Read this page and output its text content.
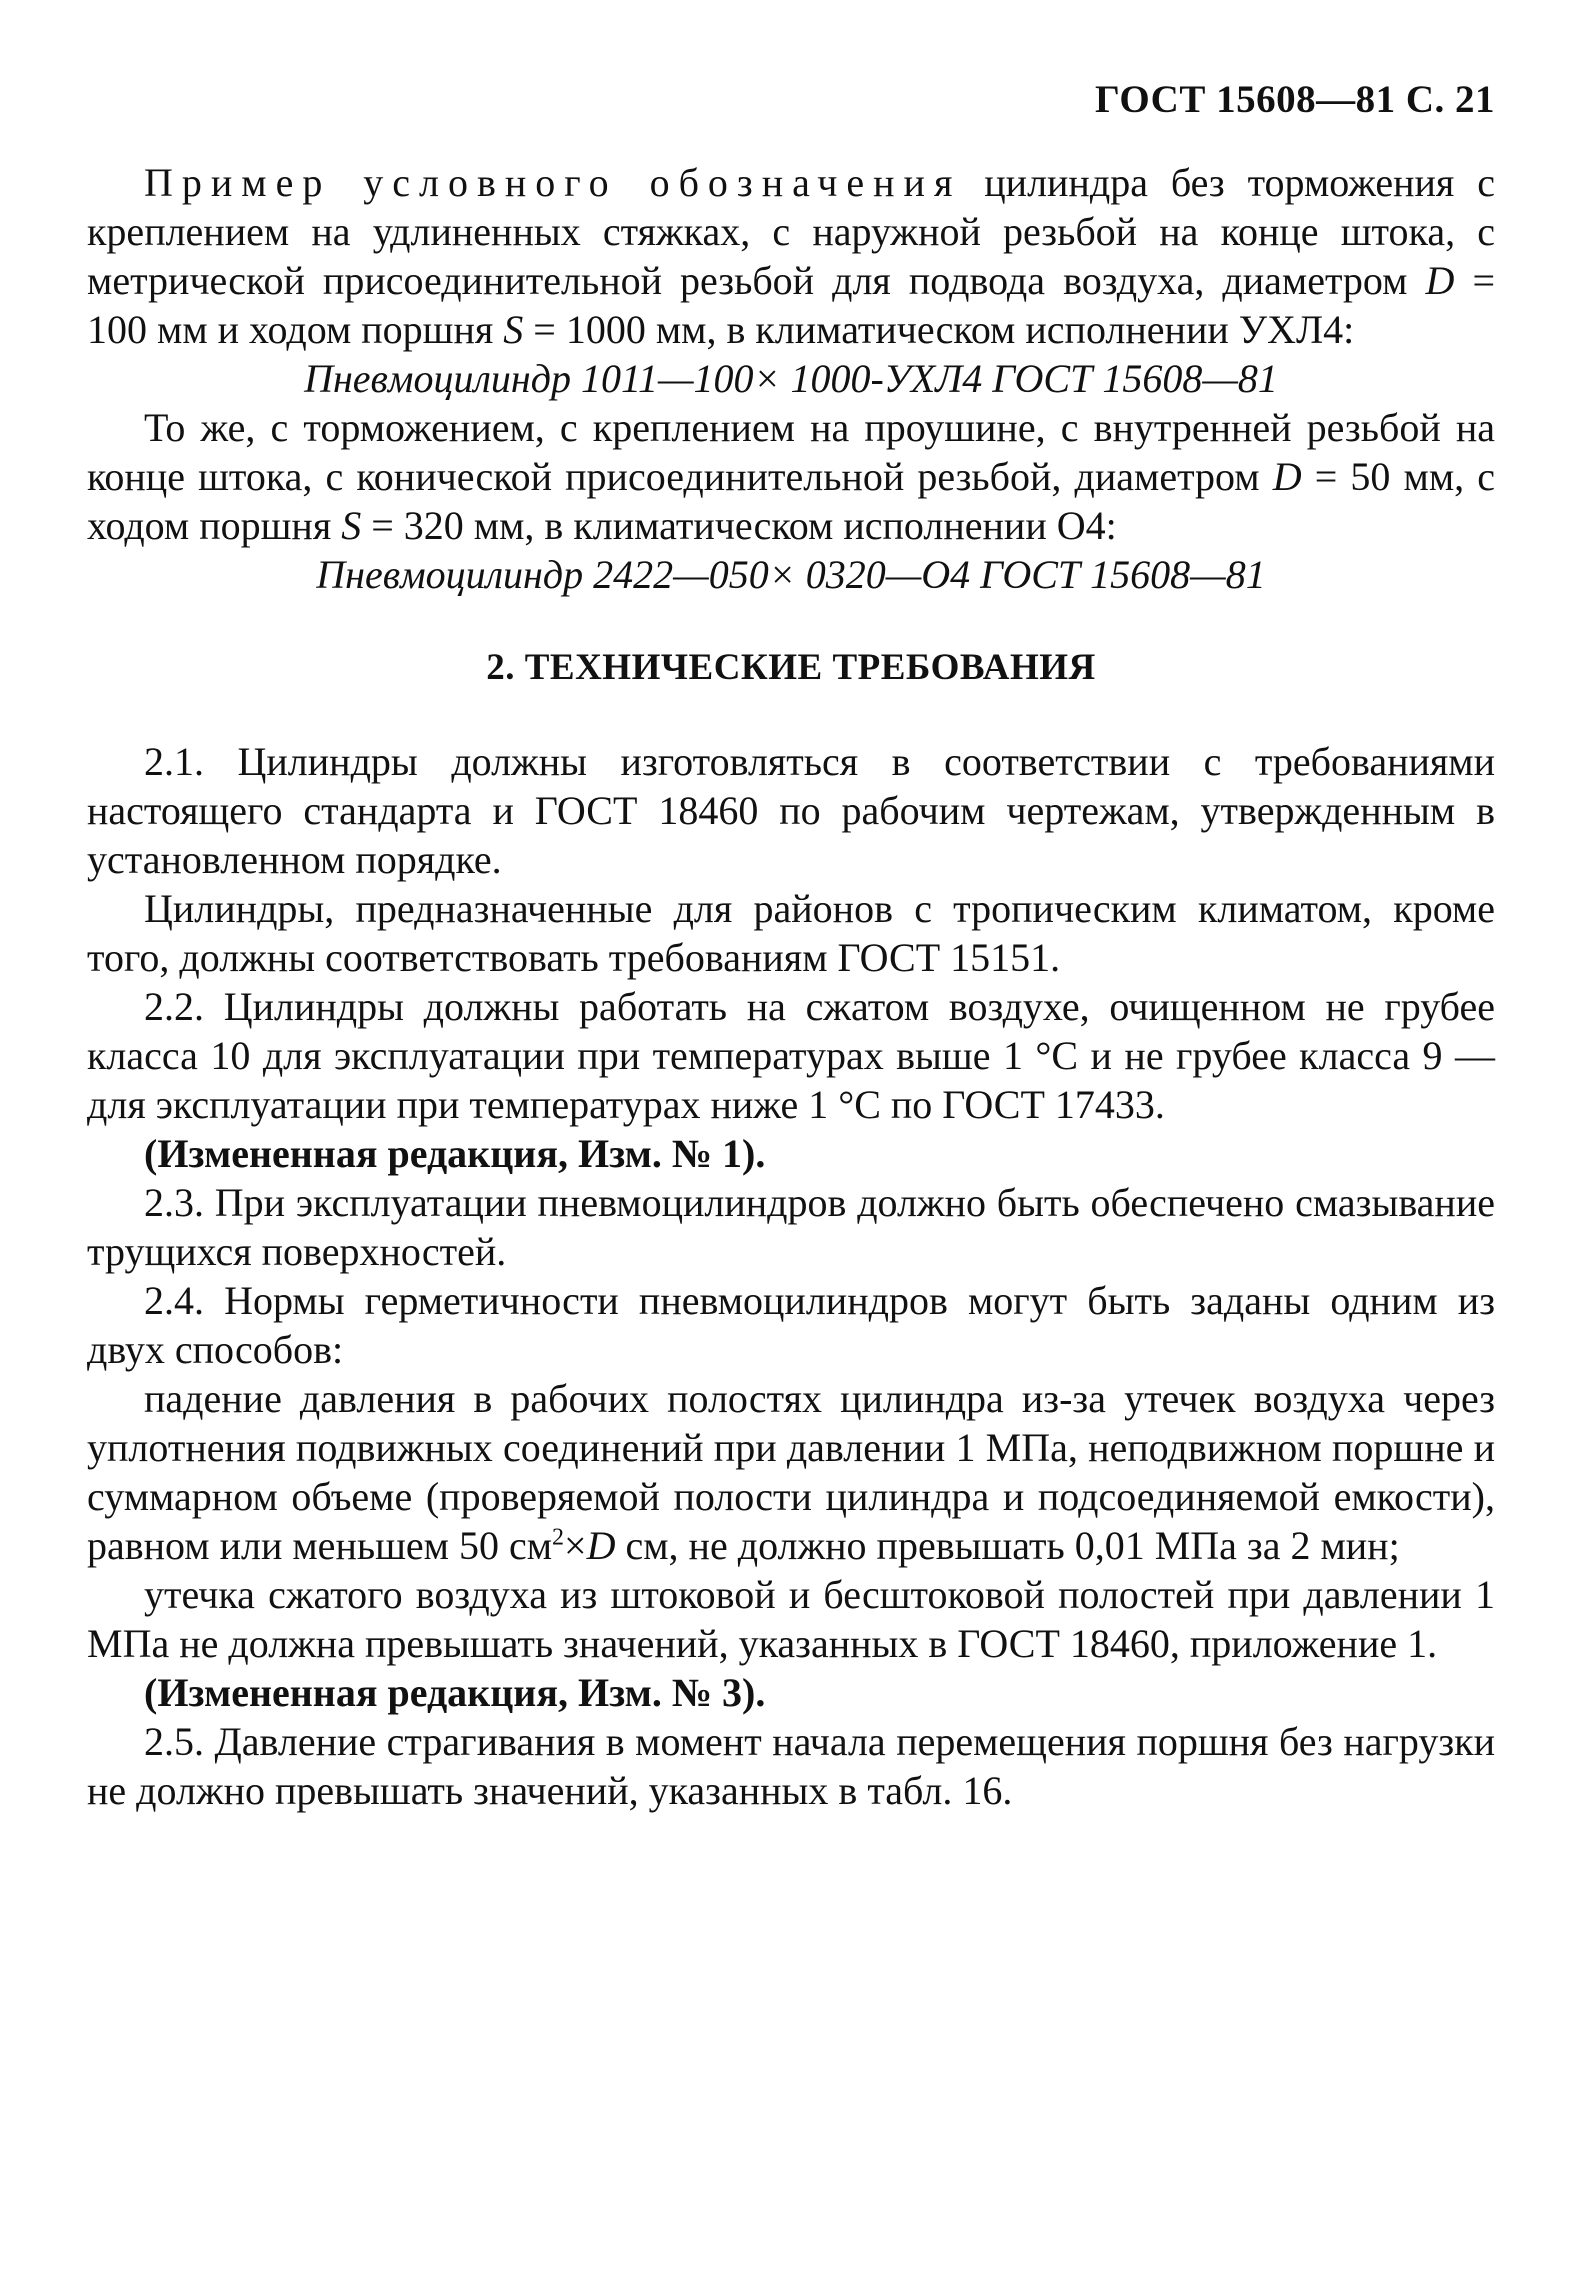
ГОСТ 15608—81 С. 21

Пример условного обозначения цилиндра без торможения с креплением на удлиненных стяжках, с наружной резьбой на конце штока, с метрической присоединительной резьбой для подвода воздуха, диаметром D = 100 мм и ходом поршня S = 1000 мм, в климатическом исполнении УХЛ4:

Пневмоцилиндр 1011—100× 1000-УХЛ4 ГОСТ 15608—81

То же, с торможением, с креплением на проушине, с внутренней резьбой на конце штока, с конической присоединительной резьбой, диаметром D = 50 мм, с ходом поршня S = 320 мм, в климатическом исполнении О4:

Пневмоцилиндр 2422—050× 0320—О4 ГОСТ 15608—81

2. ТЕХНИЧЕСКИЕ ТРЕБОВАНИЯ

2.1. Цилиндры должны изготовляться в соответствии с требованиями настоящего стандарта и ГОСТ 18460 по рабочим чертежам, утвержденным в установленном порядке.

Цилиндры, предназначенные для районов с тропическим климатом, кроме того, должны соответствовать требованиям ГОСТ 15151.

2.2. Цилиндры должны работать на сжатом воздухе, очищенном не грубее класса 10 для эксплуатации при температурах выше 1 °С и не грубее класса 9 — для эксплуатации при температурах ниже 1 °С по ГОСТ 17433.

(Измененная редакция, Изм. № 1).

2.3. При эксплуатации пневмоцилиндров должно быть обеспечено смазывание трущихся поверхностей.

2.4. Нормы герметичности пневмоцилиндров могут быть заданы одним из двух способов:

падение давления в рабочих полостях цилиндра из-за утечек воздуха через уплотнения подвижных соединений при давлении 1 МПа, неподвижном поршне и суммарном объеме (проверяемой полости цилиндра и подсоединяемой емкости), равном или меньшем 50 $см^2\times D$ см, не должно превышать 0,01 МПа за 2 мин;

утечка сжатого воздуха из штоковой и бесштоковой полостей при давлении 1 МПа не должна превышать значений, указанных в ГОСТ 18460, приложение 1.

(Измененная редакция, Изм. № 3).

2.5. Давление страгивания в момент начала перемещения поршня без нагрузки не должно превышать значений, указанных в табл. 16.
